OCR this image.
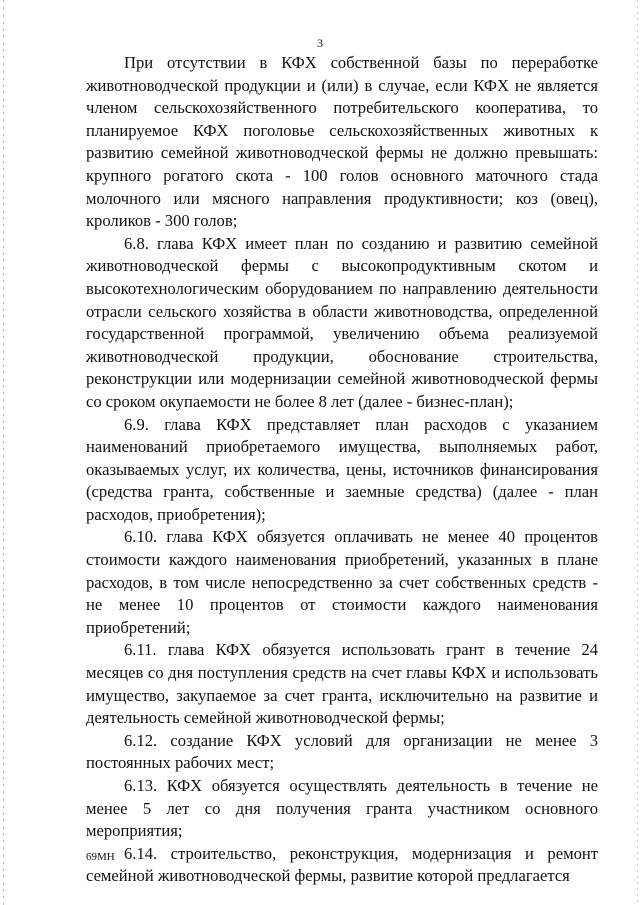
3

При отсутствии в КФХ собственной базы по переработке животноводческой продукции и (или) в случае, если КФХ не является членом сельскохозяйственного потребительского кооператива, то планируемое КФХ поголовье сельскохозяйственных животных к развитию семейной животноводческой фермы не должно превышать: крупного рогатого скота - 100 голов основного маточного стада молочного или мясного направления продуктивности; коз (овец), кроликов - 300 голов;

6.8. глава КФХ имеет план по созданию и развитию семейной животноводческой фермы с высокопродуктивным скотом и высокотехнологическим оборудованием по направлению деятельности отрасли сельского хозяйства в области животноводства, определенной государственной программой, увеличению объема реализуемой животноводческой продукции, обоснование строительства, реконструкции или модернизации семейной животноводческой фермы со сроком окупаемости не более 8 лет (далее - бизнес-план);

6.9. глава КФХ представляет план расходов с указанием наименований приобретаемого имущества, выполняемых работ, оказываемых услуг, их количества, цены, источников финансирования (средства гранта, собственные и заемные средства) (далее - план расходов, приобретения);

6.10. глава КФХ обязуется оплачивать не менее 40 процентов стоимости каждого наименования приобретений, указанных в плане расходов, в том числе непосредственно за счет собственных средств - не менее 10 процентов от стоимости каждого наименования приобретений;

6.11. глава КФХ обязуется использовать грант в течение 24 месяцев со дня поступления средств на счет главы КФХ и использовать имущество, закупаемое за счет гранта, исключительно на развитие и деятельность семейной животноводческой фермы;

6.12. создание КФХ условий для организации не менее 3 постоянных рабочих мест;

6.13. КФХ обязуется осуществлять деятельность в течение не менее 5 лет со дня получения гранта участником основного мероприятия;

6.14. строительство, реконструкция, модернизация и ремонт семейной животноводческой фермы, развитие которой предлагается

69МН
